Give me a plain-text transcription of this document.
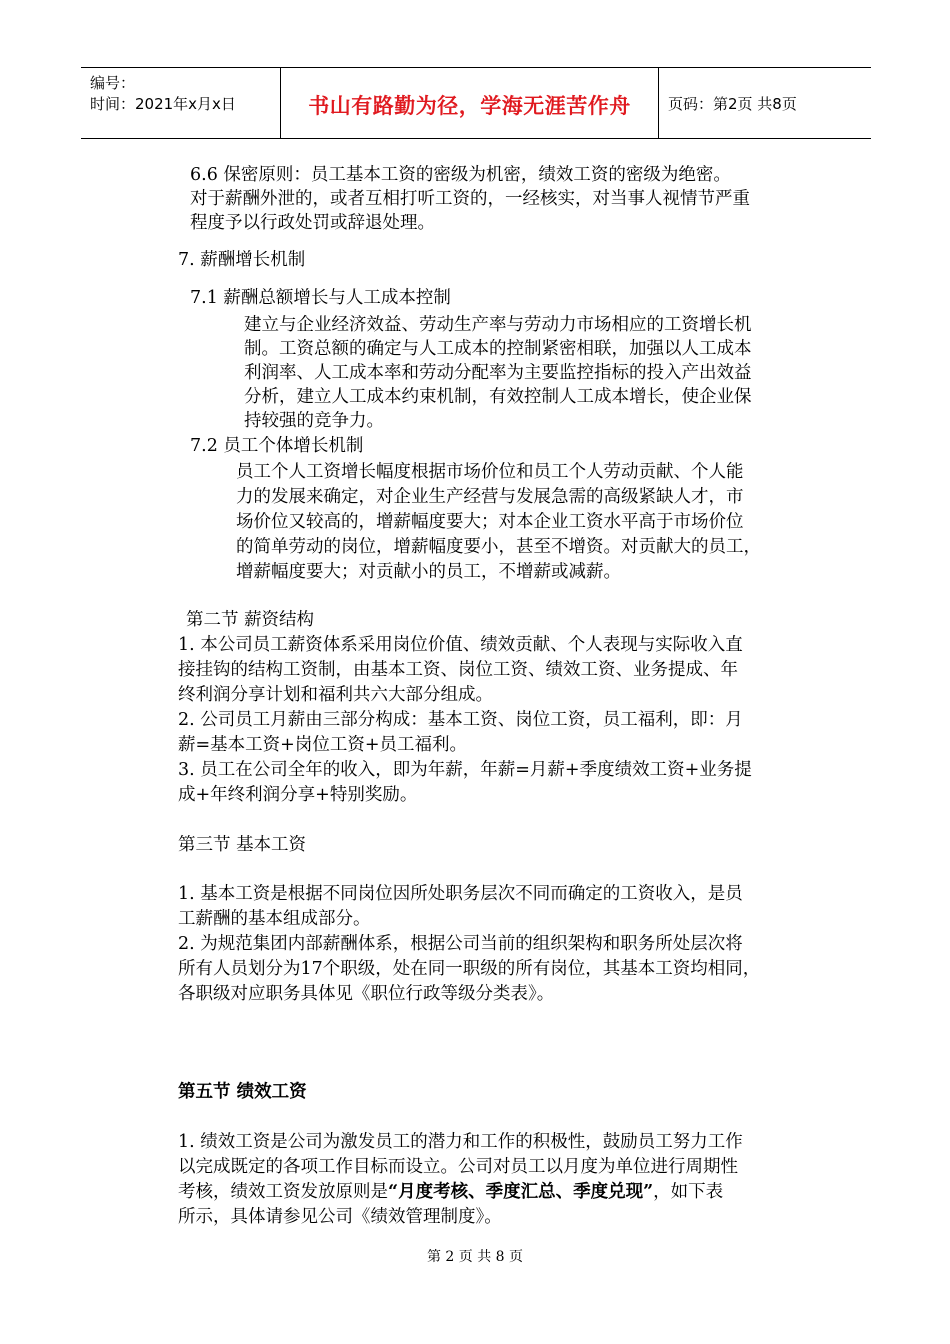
编号：
时间：2021年x月x日	书山有路勤为径，学海无涯苦作舟	页码：第2页 共8页
6.6 保密原则：员工基本工资的密级为机密，绩效工资的密级为绝密。
对于薪酬外泄的，或者互相打听工资的，一经核实，对当事人视情节严重
程度予以行政处罚或辞退处理。
7. 薪酬增长机制
7.1 薪酬总额增长与人工成本控制
建立与企业经济效益、劳动生产率与劳动力市场相应的工资增长机
制。工资总额的确定与人工成本的控制紧密相联，加强以人工成本
利润率、人工成本率和劳动分配率为主要监控指标的投入产出效益
分析，建立人工成本约束机制，有效控制人工成本增长，使企业保
持较强的竞争力。
7.2 员工个体增长机制
员工个人工资增长幅度根据市场价位和员工个人劳动贡献、个人能
力的发展来确定，对企业生产经营与发展急需的高级紧缺人才，市
场价位又较高的，增薪幅度要大；对本企业工资水平高于市场价位
的简单劳动的岗位，增薪幅度要小，甚至不增资。对贡献大的员工，
增薪幅度要大；对贡献小的员工，不增薪或减薪。
第二节 薪资结构
1. 本公司员工薪资体系采用岗位价值、绩效贡献、个人表现与实际收入直
接挂钩的结构工资制，由基本工资、岗位工资、绩效工资、业务提成、年
终利润分享计划和福利共六大部分组成。
2. 公司员工月薪由三部分构成：基本工资、岗位工资，员工福利，即：月
薪=基本工资+岗位工资+员工福利。
3. 员工在公司全年的收入，即为年薪，年薪=月薪+季度绩效工资+业务提
成+年终利润分享+特别奖励。
第三节 基本工资
1. 基本工资是根据不同岗位因所处职务层次不同而确定的工资收入，是员
工薪酬的基本组成部分。
2. 为规范集团内部薪酬体系，根据公司当前的组织架构和职务所处层次将
所有人员划分为17个职级，处在同一职级的所有岗位，其基本工资均相同，
各职级对应职务具体见《职位行政等级分类表》。
第五节 绩效工资
1. 绩效工资是公司为激发员工的潜力和工作的积极性，鼓励员工努力工作
以完成既定的各项工作目标而设立。公司对员工以月度为单位进行周期性
考核，绩效工资发放原则是“月度考核、季度汇总、季度兑现”，如下表
所示，具体请参见公司《绩效管理制度》。
第 2 页 共 8 页
